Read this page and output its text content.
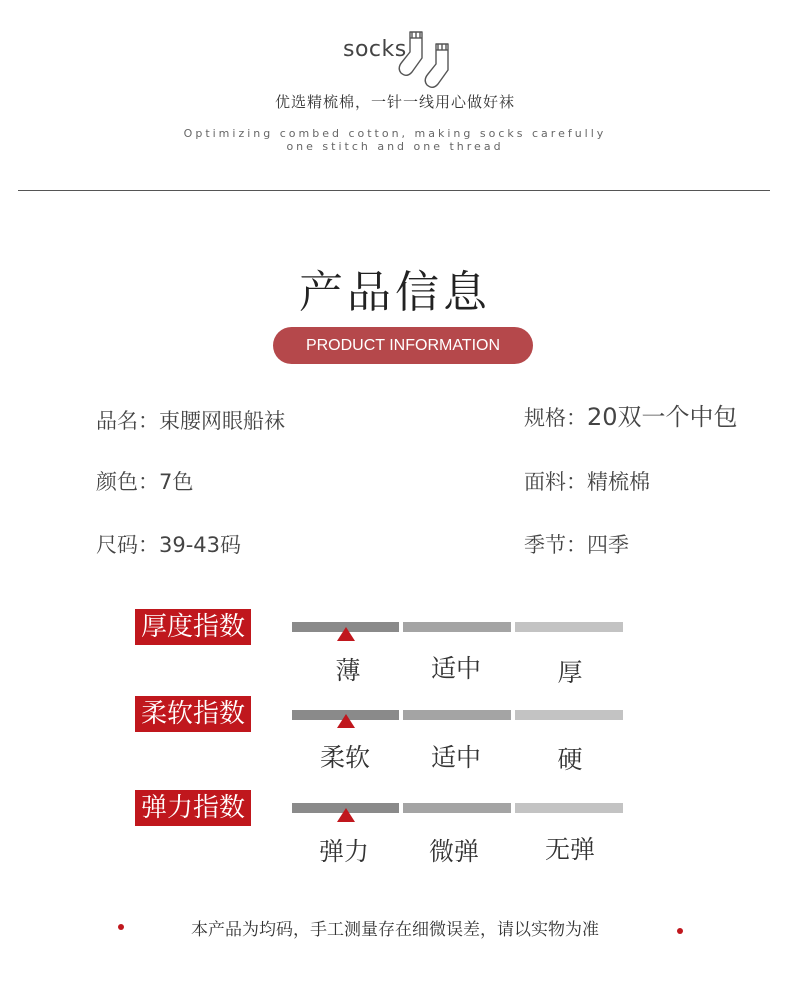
socks
优选精梳棉，一针一线用心做好袜
Optimizing combed cotton, making socks carefully
one stitch and one thread
产品信息
PRODUCT INFORMATION
品名：束腰网眼船袜	规格：20双一个中包
颜色：7色	面料：精梳棉
尺码：39-43码	季节：四季
厚度指数
薄	适中	厚
柔软指数
柔软	适中	硬
弹力指数
弹力	微弹	无弹
本产品为均码，手工测量存在细微误差，请以实物为准
